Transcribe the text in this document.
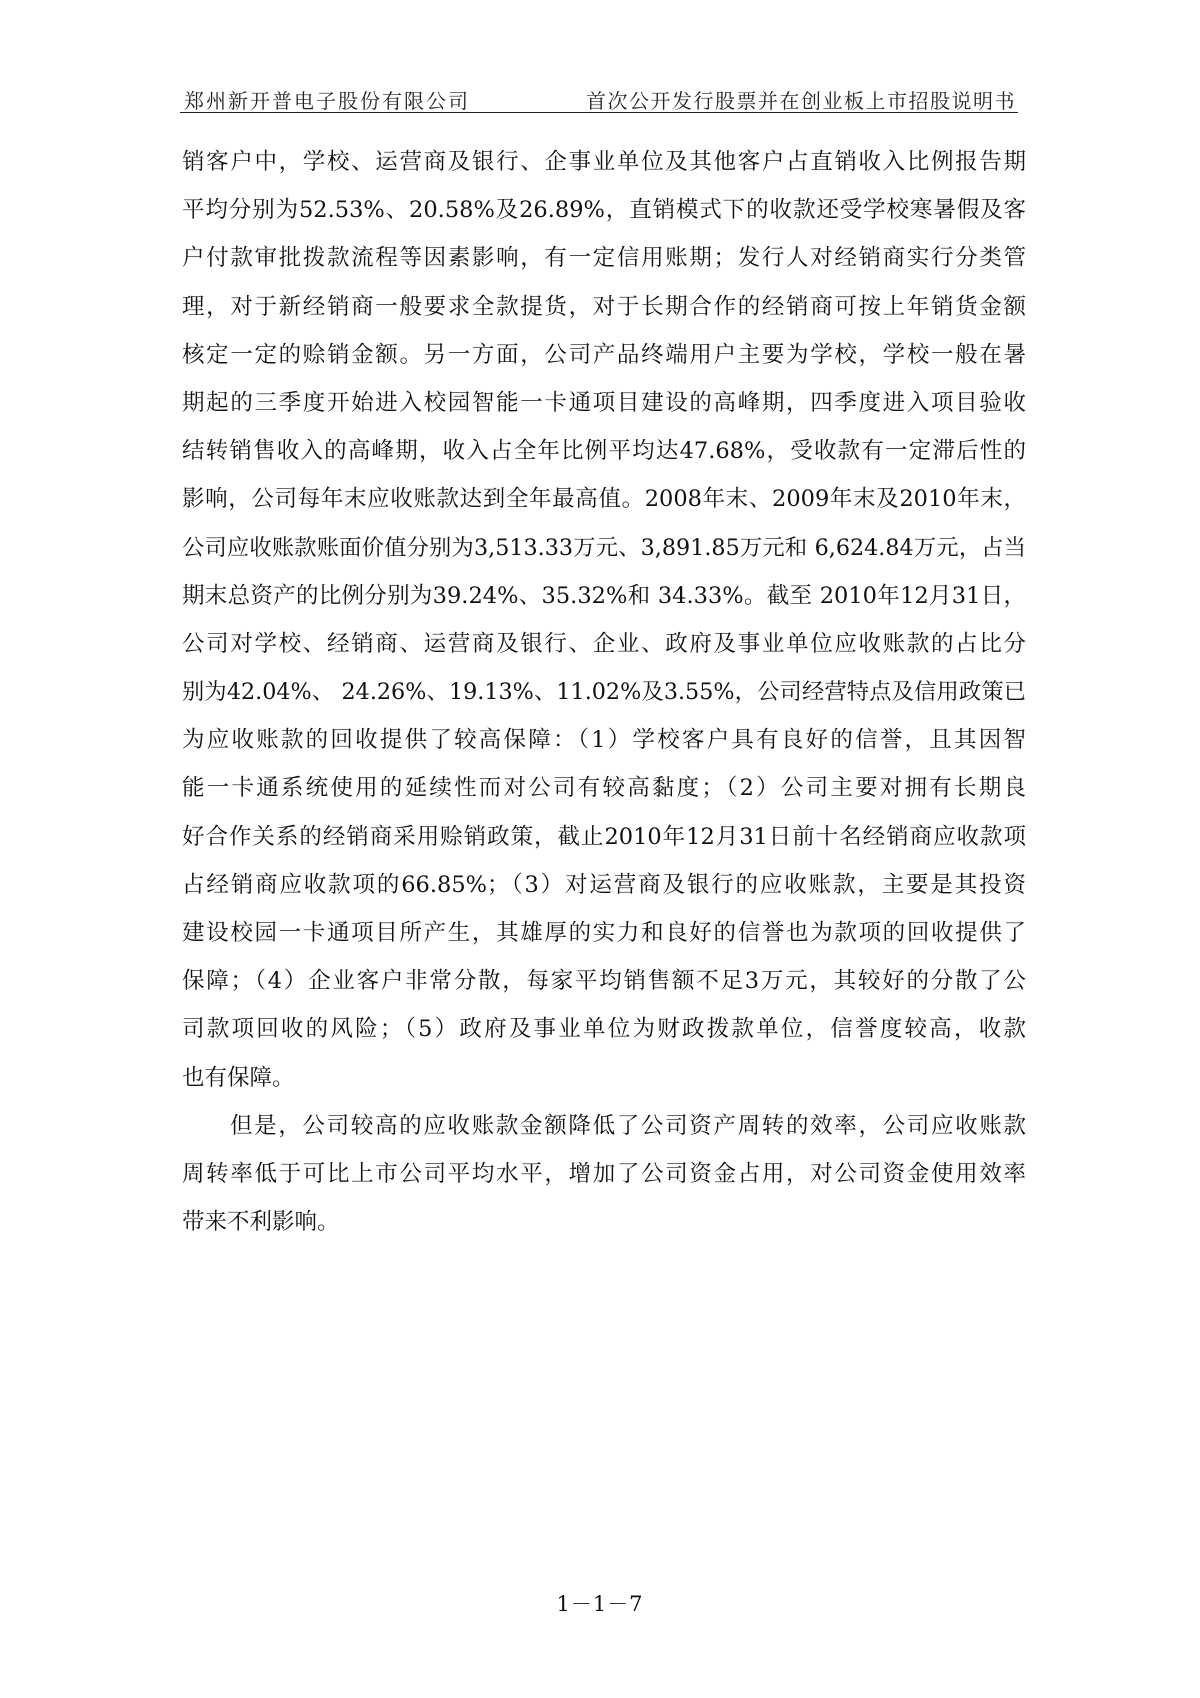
郑州新开普电子股份有限公司	首次公开发行股票并在创业板上市招股说明书
销客户中，学校、运营商及银行、企事业单位及其他客户占直销收入比例报告期
平均分别为52.53%、20.58%及26.89%，直销模式下的收款还受学校寒暑假及客
户付款审批拨款流程等因素影响，有一定信用账期；发行人对经销商实行分类管
理，对于新经销商一般要求全款提货，对于长期合作的经销商可按上年销货金额
核定一定的赊销金额。另一方面，公司产品终端用户主要为学校，学校一般在暑
期起的三季度开始进入校园智能一卡通项目建设的高峰期，四季度进入项目验收
结转销售收入的高峰期，收入占全年比例平均达47.68%，受收款有一定滞后性的
影响，公司每年末应收账款达到全年最高值。2008年末、2009年末及2010年末，
公司应收账款账面价值分别为3,513.33万元、3,891.85万元和 6,624.84万元，占当
期末总资产的比例分别为39.24%、35.32%和 34.33%。截至 2010年12月31日，
公司对学校、经销商、运营商及银行、企业、政府及事业单位应收账款的占比分
别为42.04%、 24.26%、19.13%、11.02%及3.55%，公司经营特点及信用政策已
为应收账款的回收提供了较高保障：（1）学校客户具有良好的信誉，且其因智
能一卡通系统使用的延续性而对公司有较高黏度；（2）公司主要对拥有长期良
好合作关系的经销商采用赊销政策，截止2010年12月31日前十名经销商应收款项
占经销商应收款项的66.85%；（3）对运营商及银行的应收账款，主要是其投资
建设校园一卡通项目所产生，其雄厚的实力和良好的信誉也为款项的回收提供了
保障；（4）企业客户非常分散，每家平均销售额不足3万元，其较好的分散了公
司款项回收的风险；（5）政府及事业单位为财政拨款单位，信誉度较高，收款
也有保障。
但是，公司较高的应收账款金额降低了公司资产周转的效率，公司应收账款
周转率低于可比上市公司平均水平，增加了公司资金占用，对公司资金使用效率
带来不利影响。
1－1－7
